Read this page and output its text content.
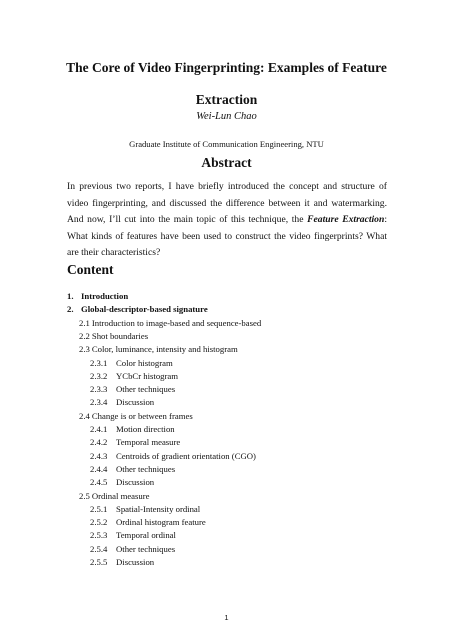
The Core of Video Fingerprinting: Examples of Feature
Extraction
Wei-Lun Chao
Graduate Institute of Communication Engineering, NTU
Abstract
In previous two reports, I have briefly introduced the concept and structure of video fingerprinting, and discussed the difference between it and watermarking. And now, I’ll cut into the main topic of this technique, the Feature Extraction: What kinds of features have been used to construct the video fingerprints? What are their characteristics?
Content
1. Introduction
2. Global-descriptor-based signature
2.1 Introduction to image-based and sequence-based
2.2 Shot boundaries
2.3 Color, luminance, intensity and histogram
2.3.1 Color histogram
2.3.2 YCbCr histogram
2.3.3 Other techniques
2.3.4 Discussion
2.4 Change is or between frames
2.4.1 Motion direction
2.4.2 Temporal measure
2.4.3 Centroids of gradient orientation (CGO)
2.4.4 Other techniques
2.4.5 Discussion
2.5 Ordinal measure
2.5.1 Spatial-Intensity ordinal
2.5.2 Ordinal histogram feature
2.5.3 Temporal ordinal
2.5.4 Other techniques
2.5.5 Discussion
1
